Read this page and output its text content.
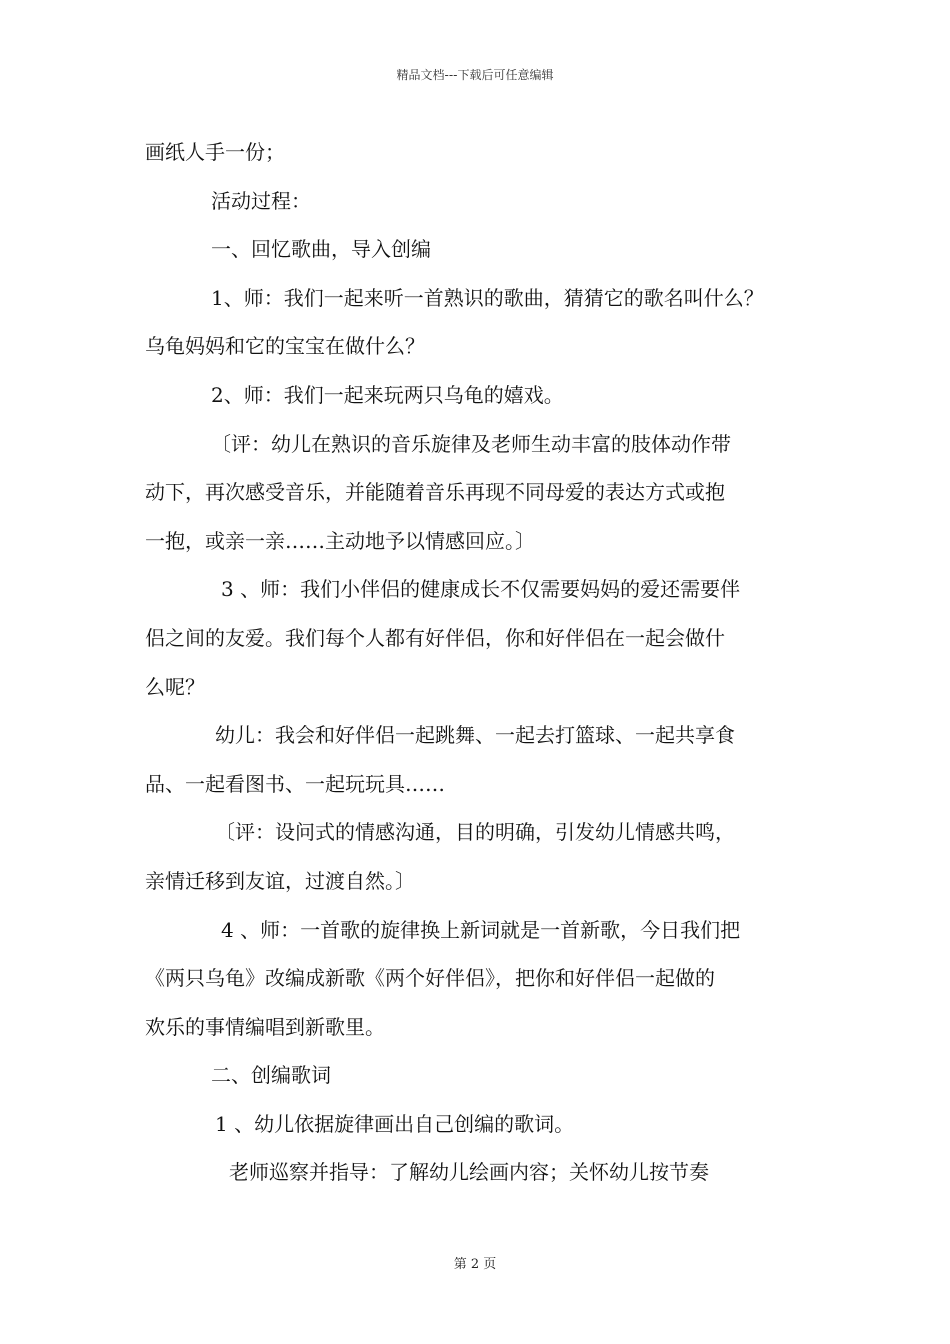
精品文档---下载后可任意编辑

画纸人手一份；

活动过程：

一、回忆歌曲，导入创编

1、师：我们一起来听一首熟识的歌曲，猜猜它的歌名叫什么？

乌龟妈妈和它的宝宝在做什么？

2、师：我们一起来玩两只乌龟的嬉戏。

〔评：幼儿在熟识的音乐旋律及老师生动丰富的肢体动作带

动下，再次感受音乐，并能随着音乐再现不同母爱的表达方式或抱

一抱，或亲一亲……主动地予以情感回应。〕

3 、师：我们小伴侣的健康成长不仅需要妈妈的爱还需要伴

侣之间的友爱。我们每个人都有好伴侣，你和好伴侣在一起会做什

么呢？

幼儿：我会和好伴侣一起跳舞、一起去打篮球、一起共享食

品、一起看图书、一起玩玩具……

〔评：设问式的情感沟通，目的明确，引发幼儿情感共鸣，

亲情迁移到友谊，过渡自然。〕

4 、师：一首歌的旋律换上新词就是一首新歌，今日我们把

《两只乌龟》改编成新歌《两个好伴侣》，把你和好伴侣一起做的

欢乐的事情编唱到新歌里。

二、创编歌词

1 、幼儿依据旋律画出自己创编的歌词。

老师巡察并指导：了解幼儿绘画内容；关怀幼儿按节奏

第 2 页
